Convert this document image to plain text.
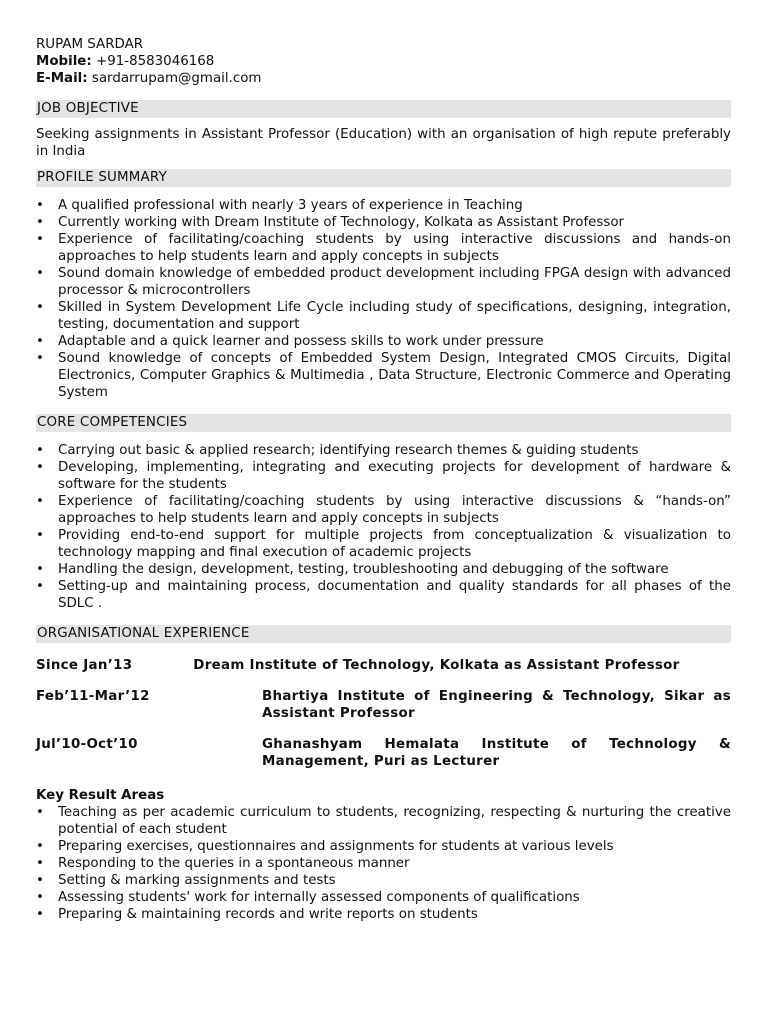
RUPAM SARDAR
Mobile: +91-8583046168
E-Mail: sardarrupam@gmail.com
JOB OBJECTIVE
Seeking assignments in Assistant Professor (Education) with an organisation of high repute preferably in India
PROFILE SUMMARY
• A qualified professional with nearly 3 years of experience in Teaching
• Currently working with Dream Institute of Technology, Kolkata as Assistant Professor
• Experience of facilitating/coaching students by using interactive discussions and hands-on approaches to help students learn and apply concepts in subjects
• Sound domain knowledge of embedded product development including FPGA design with advanced processor & microcontrollers
• Skilled in System Development Life Cycle including study of specifications, designing, integration, testing, documentation and support
• Adaptable and a quick learner and possess skills to work under pressure
• Sound knowledge of concepts of Embedded System Design, Integrated CMOS Circuits, Digital Electronics, Computer Graphics & Multimedia , Data Structure, Electronic Commerce and Operating System
CORE COMPETENCIES
• Carrying out basic & applied research; identifying research themes & guiding students
• Developing, implementing, integrating and executing projects for development of hardware & software for the students
• Experience of facilitating/coaching students by using interactive discussions & “hands-on” approaches to help students learn and apply concepts in subjects
• Providing end-to-end support for multiple projects from conceptualization & visualization to technology mapping and final execution of academic projects
• Handling the design, development, testing, troubleshooting and debugging of the software
• Setting-up and maintaining process, documentation and quality standards for all phases of the SDLC .
ORGANISATIONAL EXPERIENCE
Since Jan’13	Dream Institute of Technology, Kolkata as Assistant Professor
Feb’11-Mar’12	Bhartiya Institute of Engineering & Technology, Sikar as Assistant Professor
Jul’10-Oct’10	Ghanashyam Hemalata Institute of Technology & Management, Puri as Lecturer
Key Result Areas
• Teaching as per academic curriculum to students, recognizing, respecting & nurturing the creative potential of each student
• Preparing exercises, questionnaires and assignments for students at various levels
• Responding to the queries in a spontaneous manner
• Setting & marking assignments and tests
• Assessing students' work for internally assessed components of qualifications
• Preparing & maintaining records and write reports on students
